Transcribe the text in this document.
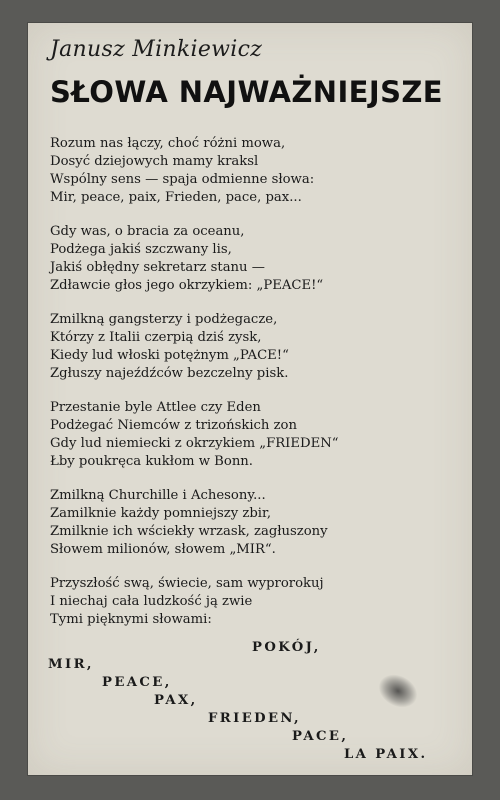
Janusz Minkiewicz
SŁOWA NAJWAŻNIEJSZE
Rozum nas łączy, choć różni mowa,
Dosyć dziejowych mamy kraksl
Wspólny sens — spaja odmienne słowa:
Mir, peace, paix, Frieden, pace, pax...
Gdy was, o bracia za oceanu,
Podżega jakiś szczwany lis,
Jakiś obłędny sekretarz stanu —
Zdławcie głos jego okrzykiem: „PEACE!“
Zmilkną gangsterzy i podżegacze,
Którzy z Italii czerpią dziś zysk,
Kiedy lud włoski potężnym „PACE!“
Zgłuszy najeźdźców bezczelny pisk.
Przestanie byle Attlee czy Eden
Podżegać Niemców z trizońskich zon
Gdy lud niemiecki z okrzykiem „FRIEDEN“
Łby poukręca kukłom w Bonn.
Zmilkną Churchille i Achesony...
Zamilknie każdy pomniejszy zbir,
Zmilknie ich wściekły wrzask, zagłuszony
Słowem milionów, słowem „MIR“.
Przyszłość swą, świecie, sam wyprorokuj
I niechaj cała ludzkość ją zwie
Tymi pięknymi słowami:
POKÓJ,
MIR,
PEACE,
PAX,
FRIEDEN,
PACE,
LA PAIX.
